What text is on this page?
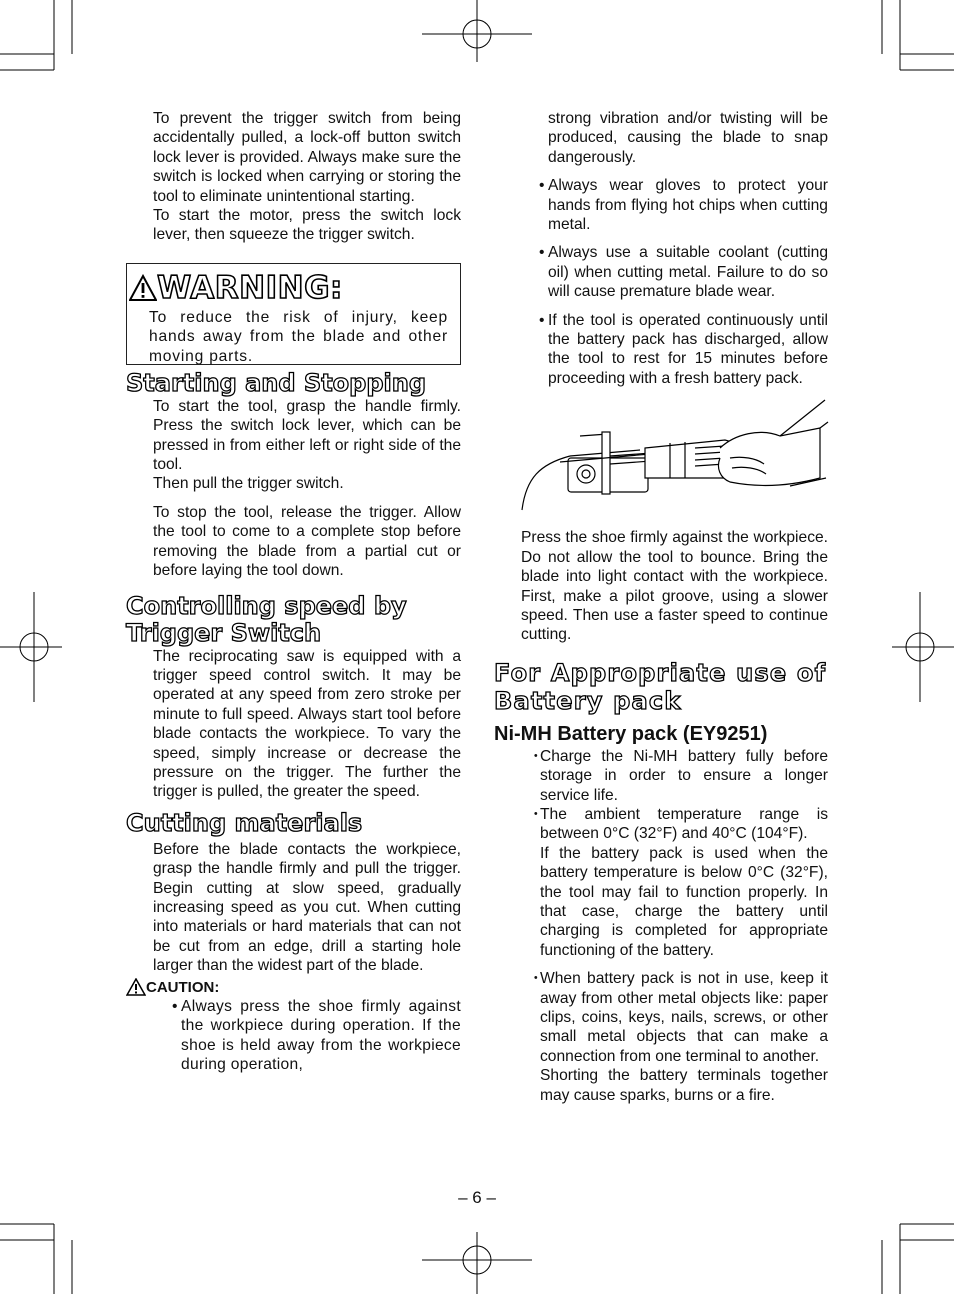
To prevent the trigger switch from being accidentally pulled, a lock-off button switch lock lever is provided. Always make sure the switch is locked when carrying or storing the tool to eliminate unintentional starting.

To start the motor, press the switch lock lever, then squeeze the trigger switch.

WARNING:

To reduce the risk of injury, keep hands away from the blade and other moving parts.

Starting and Stopping

To start the tool, grasp the handle firmly. Press the switch lock lever, which can be pressed in from either left or right side of the tool.

Then pull the trigger switch.

To stop the tool, release the trigger. Allow the tool to come to a complete stop before removing the blade from a partial cut or before laying the tool down.

Controlling speed by Trigger Switch

The reciprocating saw is equipped with a trigger speed control switch. It may be operated at any speed from zero stroke per minute to full speed. Always start tool before blade contacts the workpiece. To vary the speed, simply increase or decrease the pressure on the trigger. The further the trigger is pulled, the greater the speed.

Cutting materials

Before the blade contacts the workpiece, grasp the handle firmly and pull the trigger. Begin cutting at slow speed, gradually increasing speed as you cut. When cutting into materials or hard materials that can not be cut from an edge, drill a starting hole larger than the widest part of the blade.

CAUTION:
• Always press the shoe firmly against the workpiece during operation. If the shoe is held away from the workpiece during operation,

strong vibration and/or twisting will be produced, causing the blade to snap dangerously.

• Always wear gloves to protect your hands from flying hot chips when cutting metal.

• Always use a suitable coolant (cutting oil) when cutting metal. Failure to do so will cause premature blade wear.

• If the tool is operated continuously until the battery pack has discharged, allow the tool to rest for 15 minutes before proceeding with a fresh battery pack.

Press the shoe firmly against the workpiece. Do not allow the tool to bounce. Bring the blade into light contact with the workpiece. First, make a pilot groove, using a slower speed. Then use a faster speed to continue cutting.

For Appropriate use of Battery pack
Ni-MH Battery pack (EY9251)
・

Charge the Ni-MH battery fully before storage in order to ensure a longer service life.

・

The ambient temperature range is between 0°C (32°F) and 40°C (104°F).

If the battery pack is used when the battery temperature is below 0°C (32°F), the tool may fail to function properly. In that case, charge the battery until charging is completed for appropriate functioning of the battery.

・

When battery pack is not in use, keep it away from other metal objects like: paper clips, coins, keys, nails, screws, or other small metal objects that can make a connection from one terminal to another.

Shorting the battery terminals together may cause sparks, burns or a fire.

– 6 –
